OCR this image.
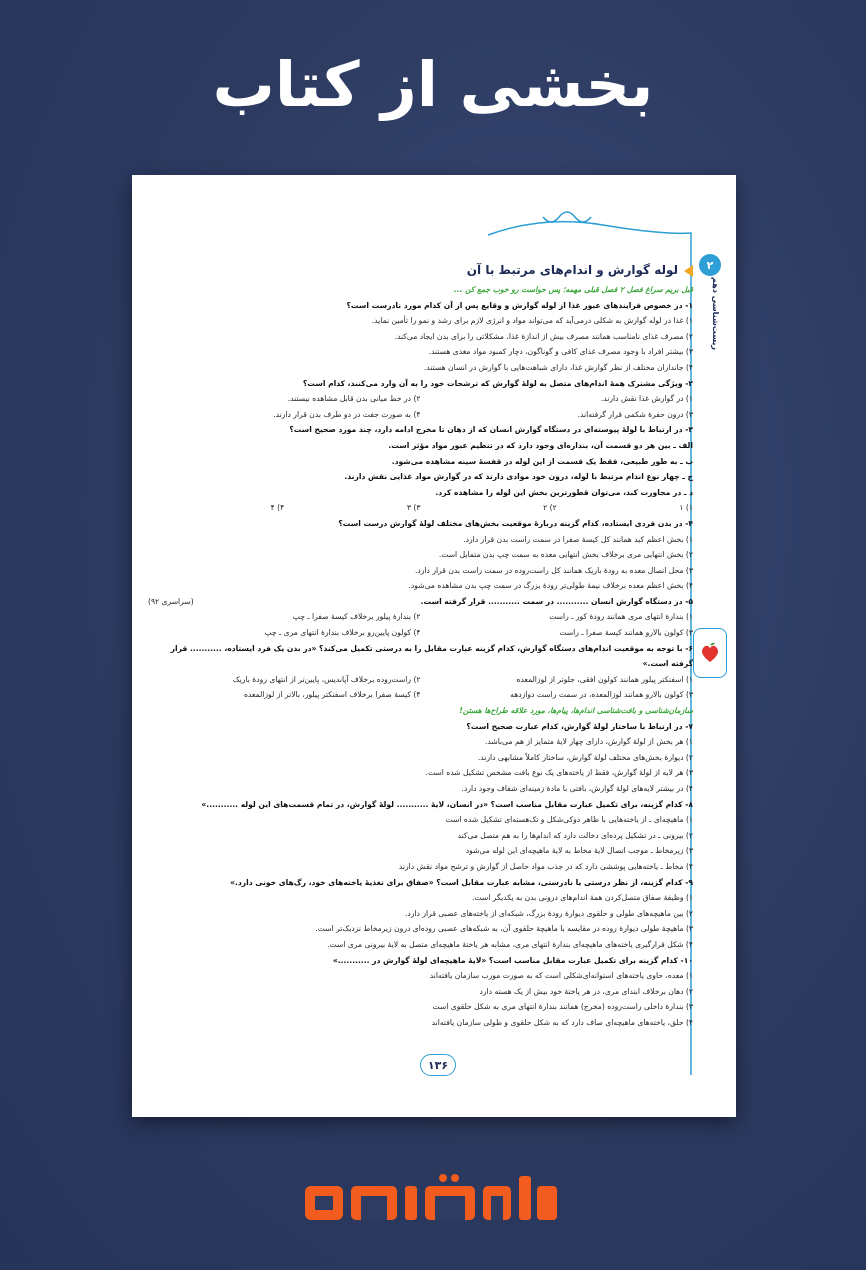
بخشی از کتاب
۲
زیست‌شناسی دهم
لوله گوارش و اندام‌های مرتبط با آن
قبل بریم سراغ فصل ۲ فصل قبلی مهمه؛ پس حواست رو خوب جمع کن ...
۱- در خصوص فرایندهای عبور غذا از لوله گوارش و وقایع پس از آن کدام مورد نادرست است؟
۱) غذا در لوله گوارش به شکلی درمی‌آید که می‌تواند مواد و انرژی لازم برای رشد و نمو را تأمین نماید.
۲) مصرف غذای نامناسب همانند مصرف بیش از اندازهٔ غذا، مشکلاتی را برای بدن ایجاد می‌کند.
۳) بیشتر افراد با وجود مصرف غذای کافی و گوناگون، دچار کمبود مواد مغذی هستند.
۴) جانداران مختلف از نظر گوارش غذا، دارای شباهت‌هایی با گوارش در انسان هستند.
۲- ویژگی مشترک همهٔ اندام‌های متصل به لولهٔ گوارش که ترشحات خود را به آن وارد می‌کنند، کدام است؟
۱) در گوارش غذا نقش دارند.
۲) در خط میانی بدن قابل مشاهده نیستند.
۳) درون حفرهٔ شکمی قرار گرفته‌اند.
۴) به صورت جفت در دو طرف بدن قرار دارند.
۳- در ارتباط با لولهٔ پیوسته‌ای در دستگاه گوارش انسان که از دهان تا مخرج ادامه دارد، چند مورد صحیح است؟
الف ـ بین هر دو قسمت آن، بنداره‌ای وجود دارد که در تنظیم عبور مواد مؤثر است.
ب ـ به طور طبیعی، فقط یک قسمت از این لوله در قفسهٔ سینه مشاهده می‌شود.
ج ـ چهار نوع اندام مرتبط با لوله، درون خود موادی دارند که در گوارش مواد غذایی نقش دارند.
د ـ در مجاورت کبد، می‌توان قطورترین بخش این لوله را مشاهده کرد.
۱) ۱
۲) ۲
۳) ۳
۴) ۴
۴- در بدن فردی ایستاده، کدام گزینه دربارهٔ موقعیت بخش‌های مختلف لولهٔ گوارش درست است؟
۱) بخش اعظم کبد همانند کل کیسهٔ صفرا در سمت راست بدن قرار دارد.
۲) بخش انتهایی مری برخلاف بخش انتهایی معده به سمت چپ بدن متمایل است.
۳) محل اتصال معده به رودهٔ باریک همانند کل راست‌روده در سمت راست بدن قرار دارد.
۴) بخش اعظم معده برخلاف نیمهٔ طولی‌تر رودهٔ بزرگ در سمت چپ بدن مشاهده می‌شود.
۵- در دستگاه گوارش انسان ........... در سمت ........... قرار گرفته است.
(سراسری ۹۲)
۱) بندارهٔ انتهای مری همانند رودهٔ کور ـ راست
۲) بندارهٔ پیلور برخلاف کیسهٔ صفرا ـ چپ
۳) کولون بالارو همانند کیسهٔ صفرا ـ راست
۴) کولون پایین‌رو برخلاف بندارهٔ انتهای مری ـ چپ
۶- با توجه به موقعیت اندام‌های دستگاه گوارش، کدام گزینه عبارت مقابل را به درستی تکمیل می‌کند؟ «در بدن یک فرد ایستاده، ........... قرار گرفته است.»
۱) اسفنکتر پیلور همانند کولون افقی، جلوتر از لوزالمعده
۲) راست‌روده برخلاف آپاندیس، پایین‌تر از انتهای رودهٔ باریک
۳) کولون بالارو همانند لوزالمعده، در سمت راست دوازدهه
۴) کیسهٔ صفرا برخلاف اسفنکتر پیلور، بالاتر از لوزالمعده
سازمان‌شناسی و بافت‌شناسی اندام‌ها، پیام‌ها، مورد علاقه طراح‌ها هستن!
۷- در ارتباط با ساختار لولهٔ گوارش، کدام عبارت صحیح است؟
۱) هر بخش از لولهٔ گوارش، دارای چهار لایهٔ متمایز از هم می‌باشد.
۲) دیوارهٔ بخش‌های مختلف لولهٔ گوارش، ساختار کاملاً مشابهی دارند.
۳) هر لایه از لولهٔ گوارش، فقط از یاخته‌های یک نوع بافت مشخص تشکیل شده است.
۴) در بیشتر لایه‌های لولهٔ گوارش، بافتی با مادهٔ زمینه‌ای شفاف وجود دارد.
۸- کدام گزینه، برای تکمیل عبارت مقابل مناسب است؟ «در انسان، لایهٔ ........... لولهٔ گوارش، در تمام قسمت‌های این لوله ...........»
۱) ماهیچه‌ای ـ از یاخته‌هایی با ظاهر دوکی‌شکل و تک‌هسته‌ای تشکیل شده است
۲) بیرونی ـ در تشکیل پرده‌ای دخالت دارد که اندام‌ها را به هم متصل می‌کند
۳) زیرمخاط ـ موجب اتصال لایهٔ مخاط به لایهٔ ماهیچه‌ای این لوله می‌شود
۴) مخاط ـ یاخته‌هایی پوششی دارد که در جذب مواد حاصل از گوارش و ترشح مواد نقش دارند
۹- کدام گزینه، از نظر درستی یا نادرستی، مشابه عبارت مقابل است؟ «صفاق برای تغذیهٔ یاخته‌های خود، رگ‌های خونی دارد.»
۱) وظیفهٔ صفاق متصل‌کردن همهٔ اندام‌های درونی بدن به یکدیگر است.
۲) بین ماهیچه‌های طولی و حلقوی دیوارهٔ رودهٔ بزرگ، شبکه‌ای از یاخته‌های عصبی قرار دارد.
۳) ماهیچهٔ طولی دیوارهٔ روده در مقایسه با ماهیچهٔ حلقوی آن، به شبکه‌های عصبی روده‌ای درون زیرمخاط نزدیک‌تر است.
۴) شکل قرارگیری یاخته‌های ماهیچه‌ای بندارهٔ انتهای مری، مشابه هر یاختهٔ ماهیچه‌ای متصل به لایهٔ بیرونی مری است.
۱۰- کدام گزینه برای تکمیل عبارت مقابل مناسب است؟ «لایهٔ ماهیچه‌ای لولهٔ گوارش در ...........»
۱) معده، حاوی یاخته‌های استوانه‌ای‌شکلی است که به صورت مورب سازمان یافته‌اند
۲) دهان برخلاف ابتدای مری، در هر یاختهٔ خود بیش از یک هسته دارد
۳) بندارهٔ داخلی راست‌روده (مخرج) همانند بندارهٔ انتهای مری به شکل حلقوی است
۴) حلق، یاخته‌های ماهیچه‌ای صاف دارد که به شکل حلقوی و طولی سازمان یافته‌اند
۱۳۶
دانش‌بند
